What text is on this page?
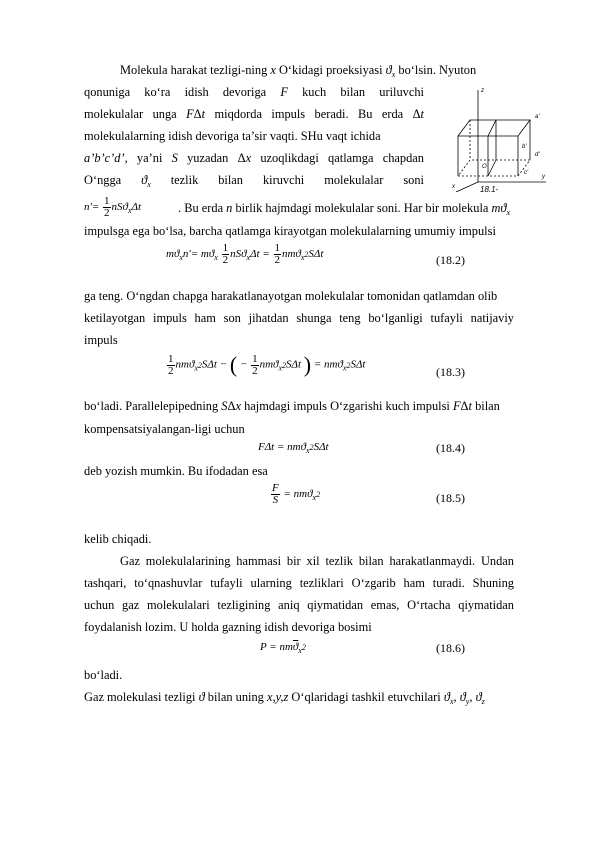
Molekula harakat tezligi-ning x O‘kidagi proeksiyasi $ϑ_x$ bo‘lsin. Nyuton
qonuniga ko‘ra idish devoriga F kuch bilan uriluvchi
molekulalar unga FΔt miqdorda impuls beradi. Bu erda Δt
molekulalarning idish devoriga ta’sir vaqti. SHu vaqt ichida
a’b’c’d’, ya’ni S yuzadan Δx uzoqlikdagi qatlamga chapdan
O‘ngga  $ϑ_x$  tezlik  bilan  kiruvchi  molekulalar  soni
z
y
x
a'
b'
c'
d'
O
18.1-
$n'= \frac{1}{2} nSϑ_x\Delta t$	. Bu erda n birlik hajmdagi molekulalar soni. Har bir molekula $mϑ_x$
impulsga ega bo‘lsa, barcha qatlamga kirayotgan molekulalarning umumiy impulsi
$mϑ_xn'= mϑ_x \frac{1}{2} nSϑ_x\Delta t = \frac{1}{2} nmϑ_x2S\Delta t$	(18.2)
ga teng. O‘ngdan chapga harakatlanayotgan molekulalar tomonidan qatlamdan olib
ketilayotgan impuls ham son jihatdan shunga teng bo‘lganligi tufayli natijaviy
impuls
$\frac{1}{2} nmϑ_x2S\Delta t$ − ( − $\frac{1}{2} nmϑ_x2S\Delta t$ ) = nmϑ$_x$2SΔt
(18.3)
bo‘ladi. Parallelepipedning SΔx hajmdagi impuls O‘zgarishi kuch impulsi FΔt bilan
kompensatsiyalangan-ligi uchun
FΔt = nmϑ$_x$2SΔt	(18.4)
deb yozish mumkin. Bu ifodadan esa
$\frac{F}{S} = nmϑ_x2$	(18.5)
kelib chiqadi.
Gaz molekulalarining hammasi bir xil tezlik bilan harakatlanmaydi. Undan
tashqari, to‘qnashuvlar tufayli ularning tezliklari O‘zgarib ham turadi. Shuning
uchun gaz molekulalari tezligining aniq qiymatidan emas, O‘rtacha qiymatidan
foydalanish lozim. U holda gazning idish devoriga bosimi
$P = nm\overline{ϑ}_x2$	(18.6)
bo‘ladi.
Gaz molekulasi tezligi ϑ bilan uning x,y,z O‘qlaridagi tashkil etuvchilari $ϑ_x$, $ϑ_y$, $ϑ_z$
